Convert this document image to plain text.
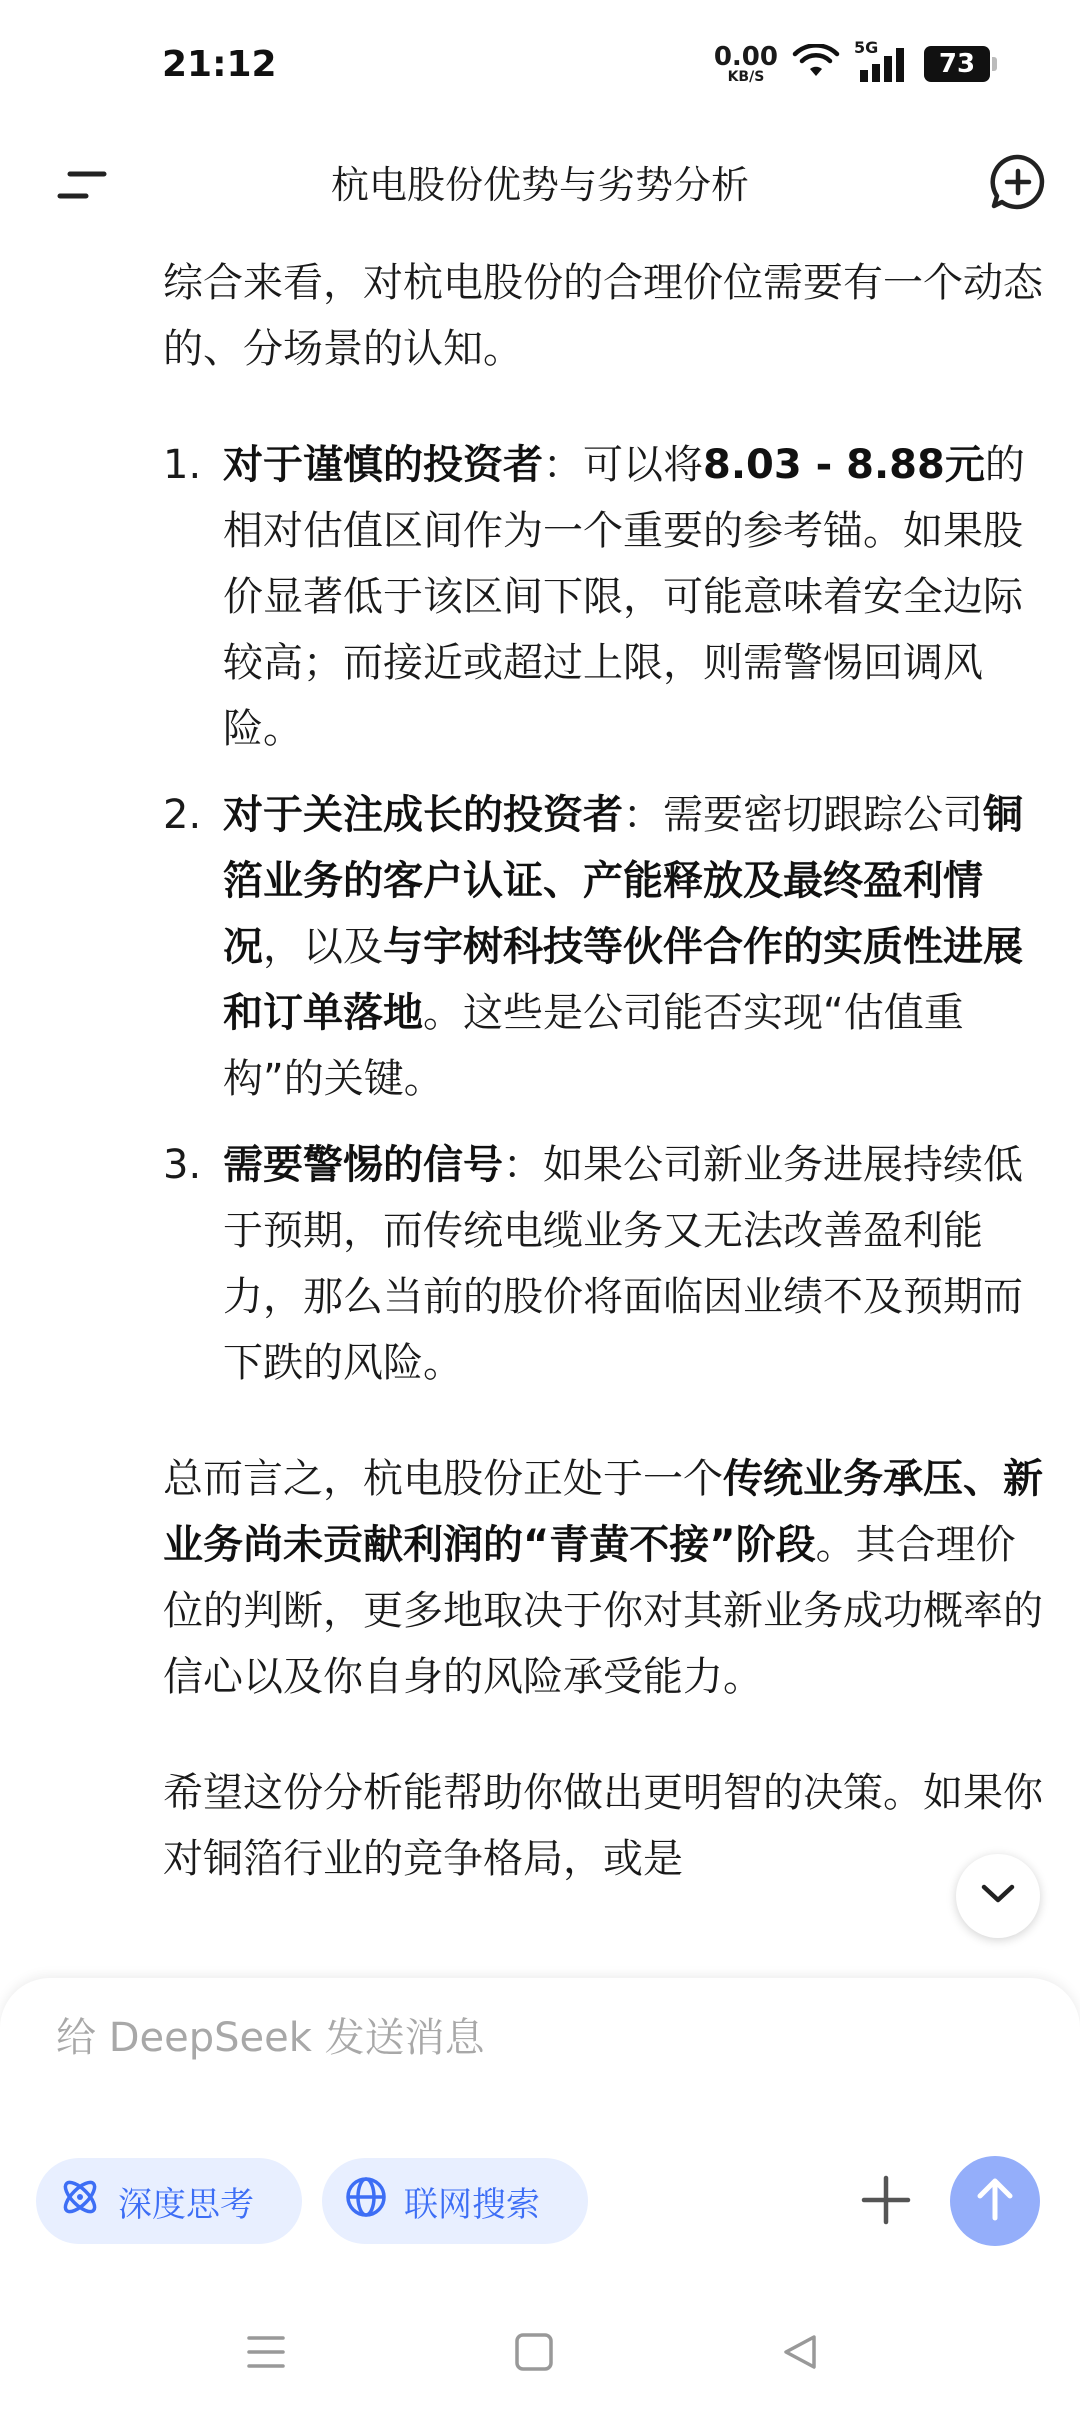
21:12	0.00
KB/S
5G
73
杭电股份优势与劣势分析

综合来看，对杭电股份的合理价位需要有一个动态的、分场景的认知。

1. 对于谨慎的投资者：可以将8.03 - 8.88元的相对估值区间作为一个重要的参考锚。如果股价显著低于该区间下限，可能意味着安全边际较高；而接近或超过上限，则需警惕回调风险。
2. 对于关注成长的投资者：需要密切跟踪公司铜箔业务的客户认证、产能释放及最终盈利情况，以及与宇树科技等伙伴合作的实质性进展和订单落地。这些是公司能否实现“估值重构”的关键。
3. 需要警惕的信号：如果公司新业务进展持续低于预期，而传统电缆业务又无法改善盈利能力，那么当前的股价将面临因业绩不及预期而下跌的风险。

总而言之，杭电股份正处于一个传统业务承压、新业务尚未贡献利润的“青黄不接”阶段。其合理价位的判断，更多地取决于你对其新业务成功概率的信心以及你自身的风险承受能力。

希望这份分析能帮助你做出更明智的决策。如果你对铜箔行业的竞争格局，或是

给 DeepSeek 发送消息
深度思考	联网搜索
